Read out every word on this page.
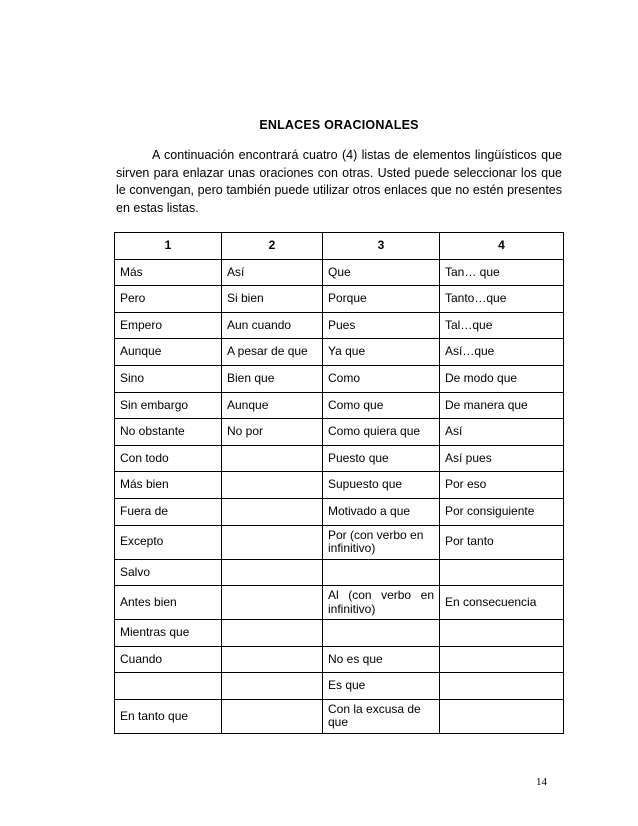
ENLACES ORACIONALES

A continuación encontrará cuatro (4) listas de elementos lingüísticos que sirven para enlazar unas oraciones con otras. Usted puede seleccionar los que le convengan, pero también puede utilizar otros enlaces que no estén presentes en estas listas.

1	2	3	4
Más	Así	Que	Tan… que
Pero	Si bien	Porque	Tanto…que
Empero	Aun cuando	Pues	Tal…que
Aunque	A pesar de que	Ya que	Así…que
Sino	Bien que	Como	De modo que
Sin embargo	Aunque	Como que	De manera que
No obstante	No por	Como quiera que	Así
Con todo		Puesto que	Así pues
Más bien		Supuesto que	Por eso
Fuera de		Motivado a que	Por consiguiente
Excepto		Por (con verbo en infinitivo)	Por tanto
Salvo			
Antes bien		Al (con verbo en infinitivo)	En consecuencia
Mientras que			
Cuando		No es que	
		Es que	
En tanto que		Con la excusa de que	
14
